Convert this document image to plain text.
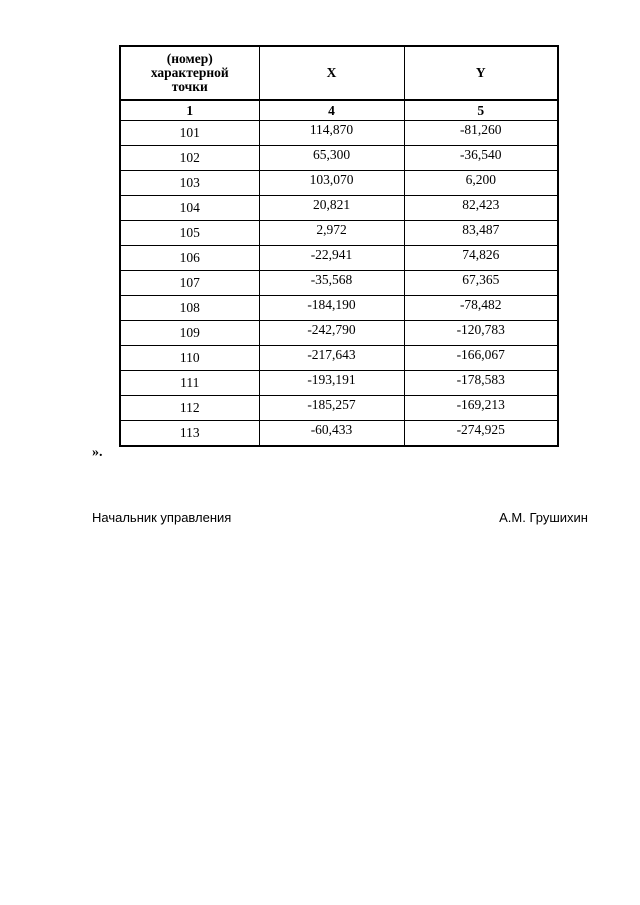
(номер)
характерной
точки	X	Y
1	4	5
101	114,870	-81,260
102	65,300	-36,540
103	103,070	6,200
104	20,821	82,423
105	2,972	83,487
106	-22,941	74,826
107	-35,568	67,365
108	-184,190	-78,482
109	-242,790	-120,783
110	-217,643	-166,067
111	-193,191	-178,583
112	-185,257	-169,213
113	-60,433	-274,925
».
Начальник управления	А.М. Грушихин
